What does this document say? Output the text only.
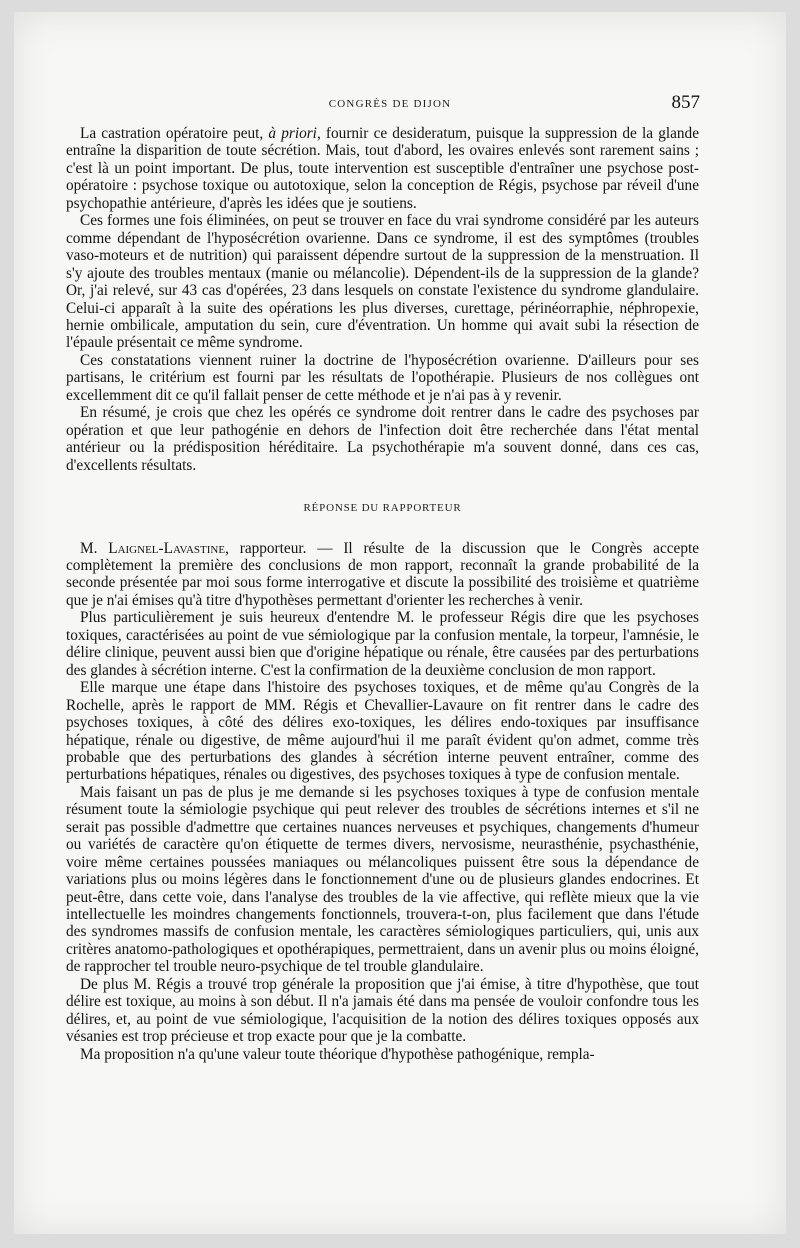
CONGRÈS DE DIJON	857

La castration opératoire peut, à priori, fournir ce desideratum, puisque la suppression de la glande entraîne la disparition de toute sécrétion. Mais, tout d'abord, les ovaires enlevés sont rarement sains ; c'est là un point important. De plus, toute intervention est susceptible d'entraîner une psychose post-opératoire : psychose toxique ou autotoxique, selon la conception de Régis, psychose par réveil d'une psychopathie antérieure, d'après les idées que je soutiens.

Ces formes une fois éliminées, on peut se trouver en face du vrai syndrome considéré par les auteurs comme dépendant de l'hyposécrétion ovarienne. Dans ce syndrome, il est des symptômes (troubles vaso-moteurs et de nutrition) qui paraissent dépendre surtout de la suppression de la menstruation. Il s'y ajoute des troubles mentaux (manie ou mélancolie). Dépendent-ils de la suppression de la glande? Or, j'ai relevé, sur 43 cas d'opérées, 23 dans lesquels on constate l'existence du syndrome glandulaire. Celui-ci apparaît à la suite des opérations les plus diverses, curettage, périnéorraphie, néphropexie, hernie ombilicale, amputation du sein, cure d'éventration. Un homme qui avait subi la résection de l'épaule présentait ce même syndrome.

Ces constatations viennent ruiner la doctrine de l'hyposécrétion ovarienne. D'ailleurs pour ses partisans, le critérium est fourni par les résultats de l'opothérapie. Plusieurs de nos collègues ont excellemment dit ce qu'il fallait penser de cette méthode et je n'ai pas à y revenir.

En résumé, je crois que chez les opérés ce syndrome doit rentrer dans le cadre des psychoses par opération et que leur pathogénie en dehors de l'infection doit être recherchée dans l'état mental antérieur ou la prédisposition héréditaire. La psychothérapie m'a souvent donné, dans ces cas, d'excellents résultats.

RÉPONSE DU RAPPORTEUR

M. Laignel-Lavastine, rapporteur. — Il résulte de la discussion que le Congrès accepte complètement la première des conclusions de mon rapport, reconnaît la grande probabilité de la seconde présentée par moi sous forme interrogative et discute la possibilité des troisième et quatrième que je n'ai émises qu'à titre d'hypothèses permettant d'orienter les recherches à venir.

Plus particulièrement je suis heureux d'entendre M. le professeur Régis dire que les psychoses toxiques, caractérisées au point de vue sémiologique par la confusion mentale, la torpeur, l'amnésie, le délire clinique, peuvent aussi bien que d'origine hépatique ou rénale, être causées par des perturbations des glandes à sécrétion interne. C'est la confirmation de la deuxième conclusion de mon rapport.

Elle marque une étape dans l'histoire des psychoses toxiques, et de même qu'au Congrès de la Rochelle, après le rapport de MM. Régis et Chevallier-Lavaure on fit rentrer dans le cadre des psychoses toxiques, à côté des délires exo-toxiques, les délires endo-toxiques par insuffisance hépatique, rénale ou digestive, de même aujourd'hui il me paraît évident qu'on admet, comme très probable que des perturbations des glandes à sécrétion interne peuvent entraîner, comme des perturbations hépatiques, rénales ou digestives, des psychoses toxiques à type de confusion mentale.

Mais faisant un pas de plus je me demande si les psychoses toxiques à type de confusion mentale résument toute la sémiologie psychique qui peut relever des troubles de sécrétions internes et s'il ne serait pas possible d'admettre que certaines nuances nerveuses et psychiques, changements d'humeur ou variétés de caractère qu'on étiquette de termes divers, nervosisme, neurasthénie, psychasthénie, voire même certaines poussées maniaques ou mélancoliques puissent être sous la dépendance de variations plus ou moins légères dans le fonctionnement d'une ou de plusieurs glandes endocrines. Et peut-être, dans cette voie, dans l'analyse des troubles de la vie affective, qui reflète mieux que la vie intellectuelle les moindres changements fonctionnels, trouvera-t-on, plus facilement que dans l'étude des syndromes massifs de confusion mentale, les caractères sémiologiques particuliers, qui, unis aux critères anatomo-pathologiques et opothérapiques, permettraient, dans un avenir plus ou moins éloigné, de rapprocher tel trouble neuro-psychique de tel trouble glandulaire.

De plus M. Régis a trouvé trop générale la proposition que j'ai émise, à titre d'hypothèse, que tout délire est toxique, au moins à son début. Il n'a jamais été dans ma pensée de vouloir confondre tous les délires, et, au point de vue sémiologique, l'acquisition de la notion des délires toxiques opposés aux vésanies est trop précieuse et trop exacte pour que je la combatte.

Ma proposition n'a qu'une valeur toute théorique d'hypothèse pathogénique, rempla-
